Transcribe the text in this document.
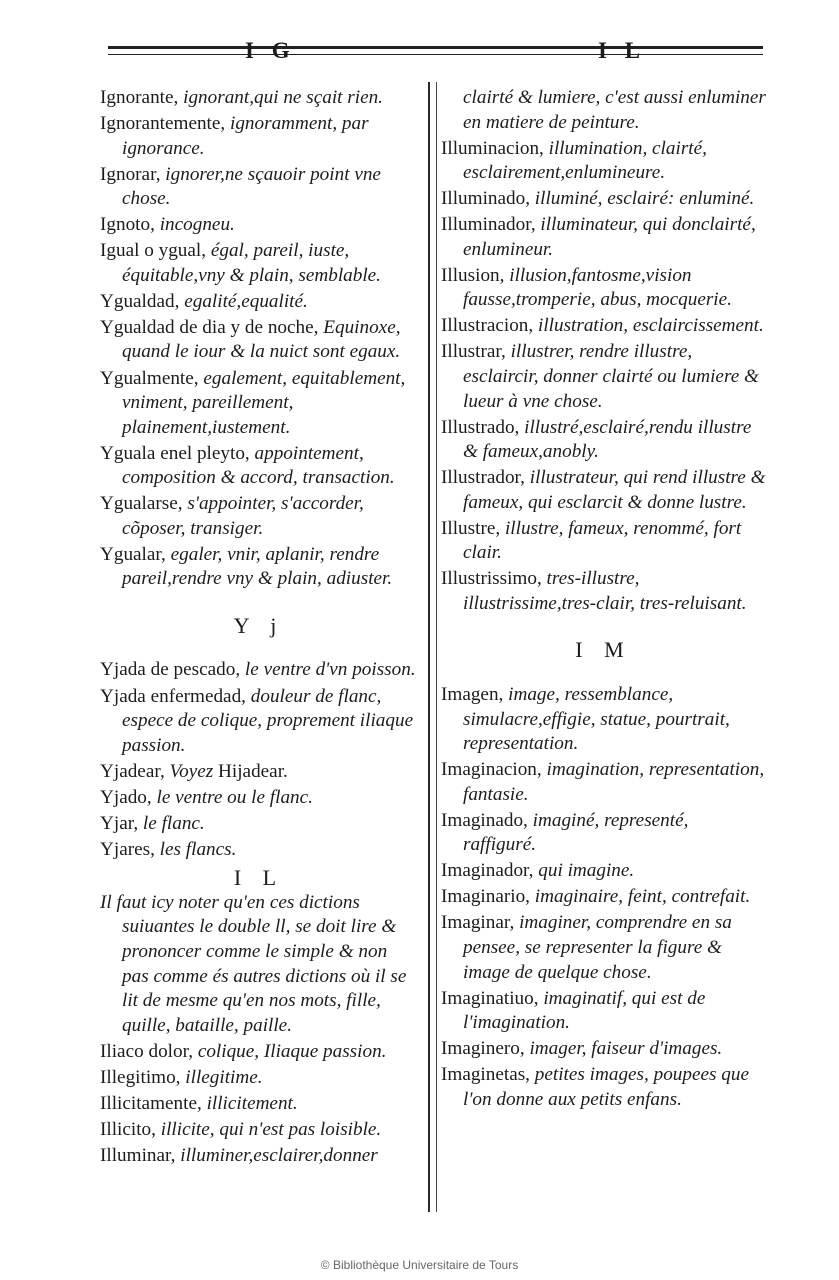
I G	I L
Ignorante, ignorant,qui ne sçait rien.
Ignorantemente, ignoramment, par ignorance.
Ignorar, ignorer,ne sçauoir point vne chose.
Ignoto, incogneu.
Igual o ygual, égal, pareil, iuste, équitable,vny & plain, semblable.
Ygualdad, egalité,equalité.
Ygualdad de dia y de noche, Equinoxe, quand le iour & la nuict sont egaux.
Ygualmente, egalement, equitablement, vniment, pareillement, plainement,iustement.
Yguala enel pleyto, appointement, composition & accord, transaction.
Ygualarse, s'appointer, s'accorder, cõposer, transiger.
Ygualar, egaler, vnir, aplanir, rendre pareil,rendre vny & plain, adiuster.
Y j
Yjada de pescado, le ventre d'vn poisson.
Yjada enfermedad, douleur de flanc, espece de colique, proprement iliaque passion.
Yjadear, Voyez Hijadear.
Yjado, le ventre ou le flanc.
Yjar, le flanc.
Yjares, les flancs.
I L
Il faut icy noter qu'en ces dictions suiuantes le double ll, se doit lire & prononcer comme le simple & non pas comme és autres dictions où il se lit de mesme qu'en nos mots, fille, quille, bataille, paille.
Iliaco dolor, colique, Iliaque passion.
Illegitimo, illegitime.
Illicitamente, illicitement.
Illicito, illicite, qui n'est pas loisible.
Illuminar, illuminer,esclairer,donner
clairté & lumiere, c'est aussi enluminer en matiere de peinture.
Illuminacion, illumination, clairté, esclairement,enlumineure.
Illuminado, illuminé, esclairé: enluminé.
Illuminador, illuminateur, qui donclairté, enlumineur.
Illusion, illusion,fantosme,vision fausse,tromperie, abus, mocquerie.
Illustracion, illustration, esclaircissement.
Illustrar, illustrer, rendre illustre, esclaircir, donner clairté ou lumiere & lueur à vne chose.
Illustrado, illustré,esclairé,rendu illustre & fameux,anobly.
Illustrador, illustrateur, qui rend illustre & fameux, qui esclarcit & donne lustre.
Illustre, illustre, fameux, renommé, fort clair.
Illustrissimo, tres-illustre, illustrissime,tres-clair, tres-reluisant.
I M
Imagen, image, ressemblance, simulacre,effigie, statue, pourtrait, representation.
Imaginacion, imagination, representation, fantasie.
Imaginado, imaginé, representé, raffiguré.
Imaginador, qui imagine.
Imaginario, imaginaire, feint, contrefait.
Imaginar, imaginer, comprendre en sa pensee, se representer la figure & image de quelque chose.
Imaginatiuo, imaginatif, qui est de l'imagination.
Imaginero, imager, faiseur d'images.
Imaginetas, petites images, poupees que l'on donne aux petits enfans.
© Bibliothèque Universitaire de Tours
